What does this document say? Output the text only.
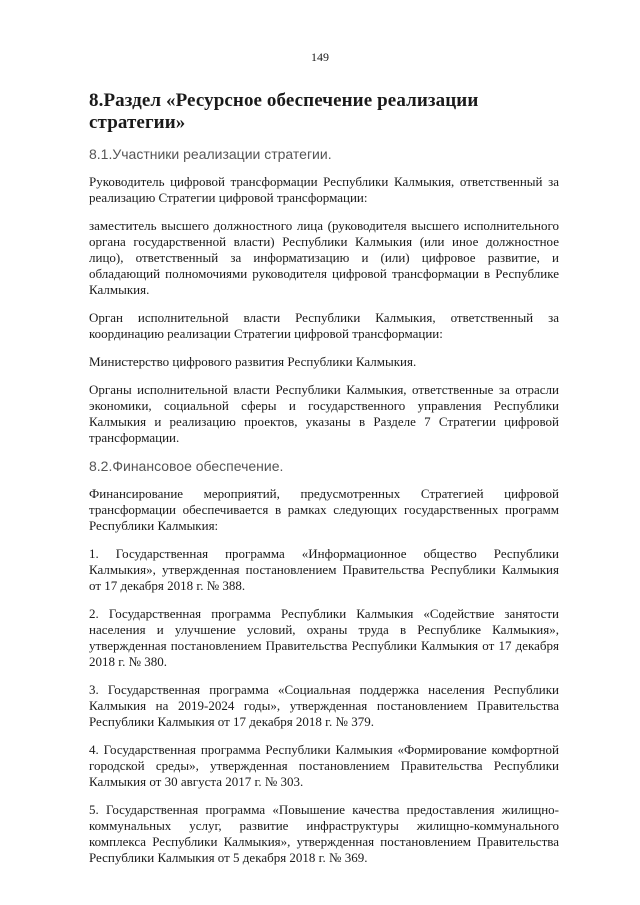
149
8.Раздел «Ресурсное обеспечение реализации стратегии»
8.1.Участники реализации стратегии.

Руководитель цифровой трансформации Республики Калмыкия, ответственный за реализацию Стратегии цифровой трансформации:

заместитель высшего должностного лица (руководителя высшего исполнительного органа государственной власти) Республики Калмыкия (или иное должностное лицо), ответственный за информатизацию и (или) цифровое развитие, и обладающий полномочиями руководителя цифровой трансформации в Республике Калмыкия.

Орган исполнительной власти Республики Калмыкия, ответственный за координацию реализации Стратегии цифровой трансформации:

Министерство цифрового развития Республики Калмыкия.

Органы исполнительной власти Республики Калмыкия, ответственные за отрасли экономики, социальной сферы и государственного управления Республики Калмыкия и реализацию проектов, указаны в Разделе 7 Стратегии цифровой трансформации.

8.2.Финансовое обеспечение.

Финансирование мероприятий, предусмотренных Стратегией цифровой трансформации обеспечивается в рамках следующих государственных программ Республики Калмыкия:

1. Государственная программа «Информационное общество Республики Калмыкия», утвержденная постановлением Правительства Республики Калмыкия от 17 декабря 2018 г. № 388.

2. Государственная программа Республики Калмыкия «Содействие занятости населения и улучшение условий, охраны труда в Республике Калмыкия», утвержденная постановлением Правительства Республики Калмыкия от 17 декабря 2018 г. № 380.

3. Государственная программа «Социальная поддержка населения Республики Калмыкия на 2019-2024 годы», утвержденная постановлением Правительства Республики Калмыкия от 17 декабря 2018 г. № 379.

4. Государственная программа Республики Калмыкия «Формирование комфортной городской среды», утвержденная постановлением Правительства Республики Калмыкия от 30 августа 2017 г. № 303.

5. Государственная программа «Повышение качества предоставления жилищно-коммунальных услуг, развитие инфраструктуры жилищно-коммунального комплекса Республики Калмыкия», утвержденная постановлением Правительства Республики Калмыкия от 5 декабря 2018 г. № 369.
